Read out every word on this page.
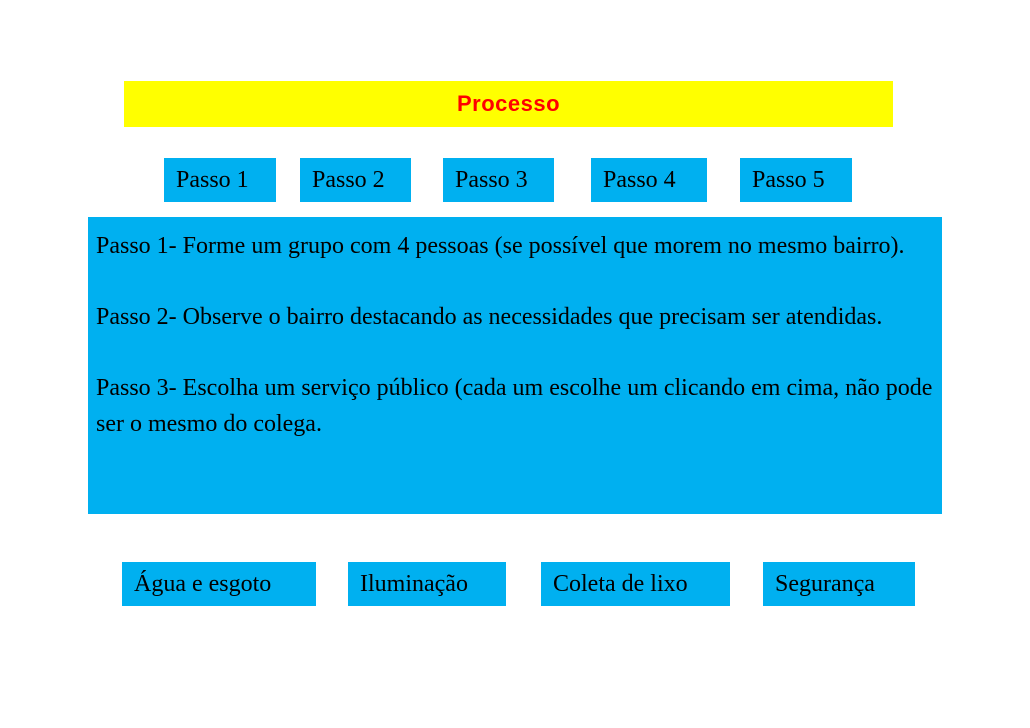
Processo
Passo 1	Passo 2	Passo 3	Passo 4	Passo 5

Passo 1- Forme um grupo com 4 pessoas (se possível que morem no mesmo bairro).

Passo 2- Observe o bairro destacando as necessidades que precisam ser atendidas.

Passo 3- Escolha um serviço público (cada um escolhe um clicando em cima, não pode ser o mesmo do colega.

Água e esgoto	Iluminação	Coleta de lixo	Segurança
